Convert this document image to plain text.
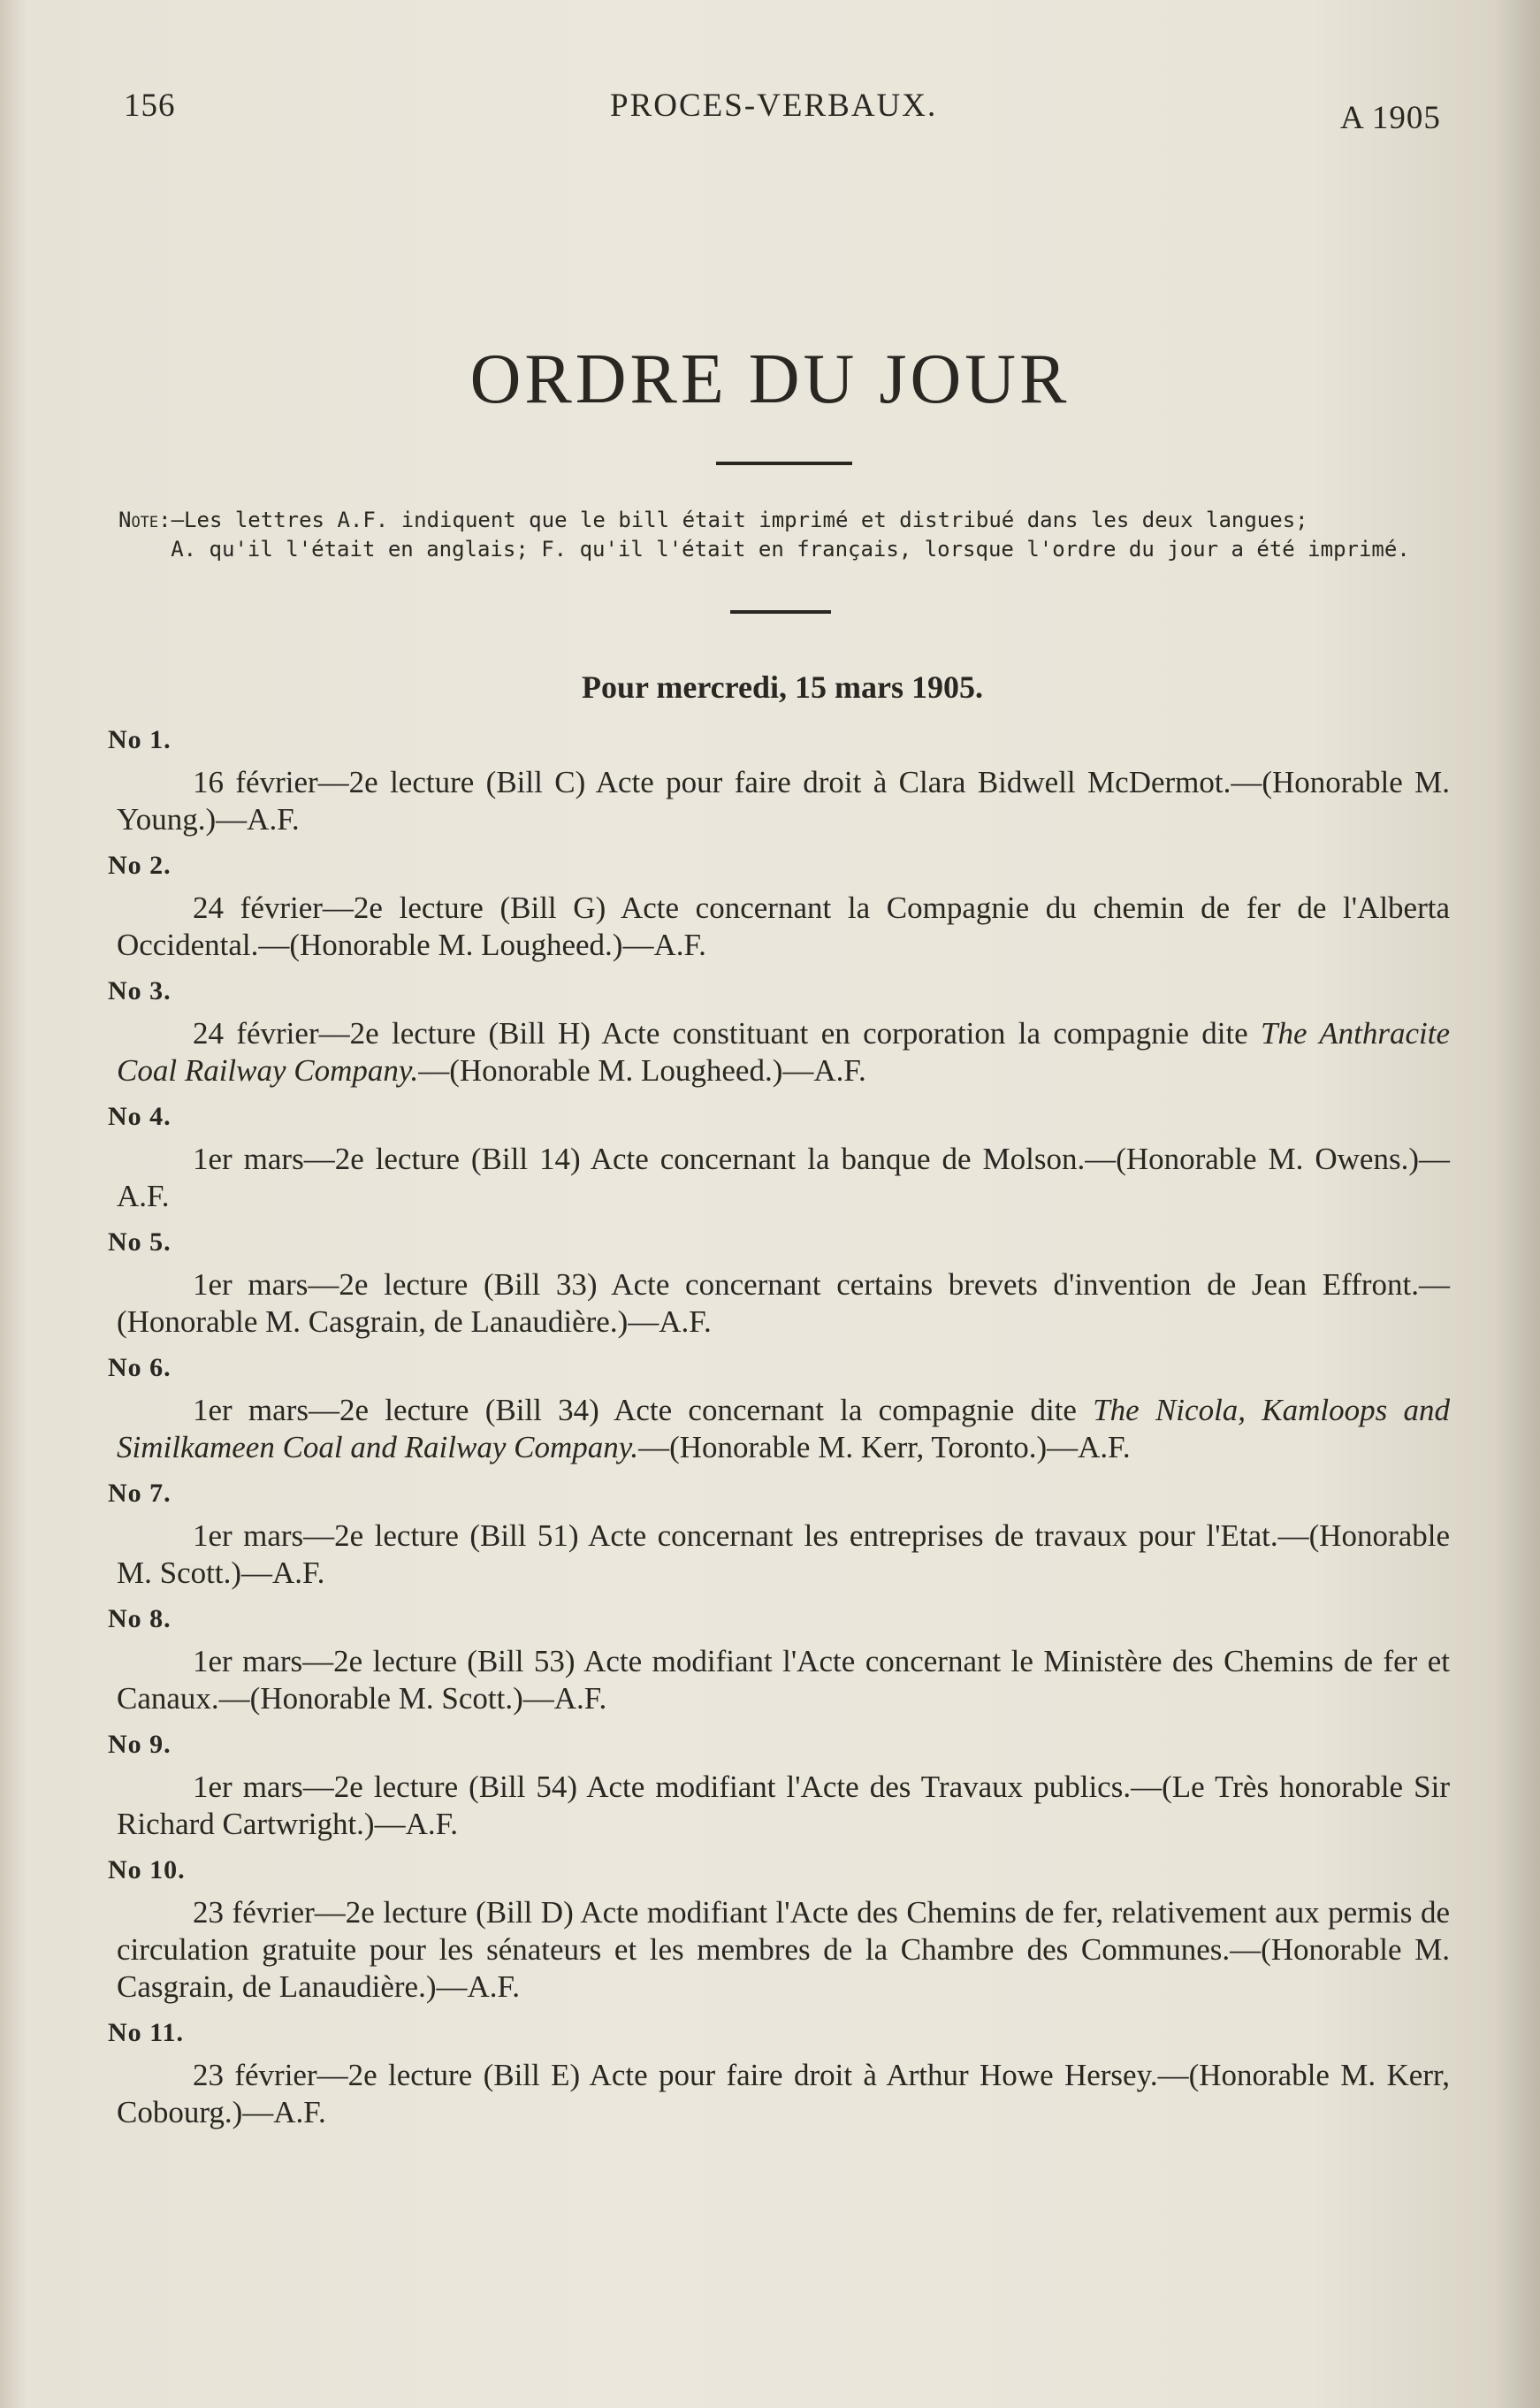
156	PROCES-VERBAUX.	A 1905
ORDRE DU JOUR
Note:—Les lettres A.F. indiquent que le bill était imprimé et distribué dans les deux langues;
A. qu'il l'était en anglais; F. qu'il l'était en français, lorsque l'ordre du jour a été imprimé.
Pour mercredi, 15 mars 1905.
No 1.

16 février—2e lecture (Bill C) Acte pour faire droit à Clara Bidwell McDermot.—(Honorable M. Young.)—A.F.

No 2.

24 février—2e lecture (Bill G) Acte concernant la Compagnie du chemin de fer de l'Alberta Occidental.—(Honorable M. Lougheed.)—A.F.

No 3.

24 février—2e lecture (Bill H) Acte constituant en corporation la compagnie dite The Anthracite Coal Railway Company.—(Honorable M. Lougheed.)—A.F.

No 4.

1er mars—2e lecture (Bill 14) Acte concernant la banque de Molson.—(Honorable M. Owens.)—A.F.

No 5.

1er mars—2e lecture (Bill 33) Acte concernant certains brevets d'invention de Jean Effront.—(Honorable M. Casgrain, de Lanaudière.)—A.F.

No 6.

1er mars—2e lecture (Bill 34) Acte concernant la compagnie dite The Nicola, Kamloops and Similkameen Coal and Railway Company.—(Honorable M. Kerr, Toronto.)—A.F.

No 7.

1er mars—2e lecture (Bill 51) Acte concernant les entreprises de travaux pour l'Etat.—(Honorable M. Scott.)—A.F.

No 8.

1er mars—2e lecture (Bill 53) Acte modifiant l'Acte concernant le Ministère des Chemins de fer et Canaux.—(Honorable M. Scott.)—A.F.

No 9.

1er mars—2e lecture (Bill 54) Acte modifiant l'Acte des Travaux publics.—(Le Très honorable Sir Richard Cartwright.)—A.F.

No 10.

23 février—2e lecture (Bill D) Acte modifiant l'Acte des Chemins de fer, relativement aux permis de circulation gratuite pour les sénateurs et les membres de la Chambre des Communes.—(Honorable M. Casgrain, de Lanaudière.)—A.F.

No 11.

23 février—2e lecture (Bill E) Acte pour faire droit à Arthur Howe Hersey.—(Honorable M. Kerr, Cobourg.)—A.F.
